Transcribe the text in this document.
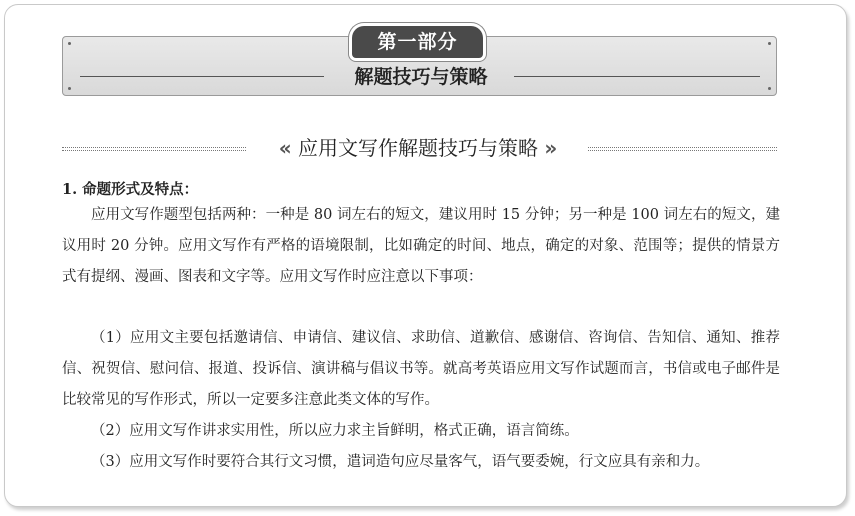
解题技巧与策略
第一部分
« 应用文写作解题技巧与策略 »
1. 命题形式及特点：

应用文写作题型包括两种：一种是 80 词左右的短文，建议用时 15 分钟；另一种是 100 词左右的短文，建议用时 20 分钟。应用文写作有严格的语境限制，比如确定的时间、地点，确定的对象、范围等；提供的情景方式有提纲、漫画、图表和文字等。应用文写作时应注意以下事项：

（1）应用文主要包括邀请信、申请信、建议信、求助信、道歉信、感谢信、咨询信、告知信、通知、推荐信、祝贺信、慰问信、报道、投诉信、演讲稿与倡议书等。就高考英语应用文写作试题而言，书信或电子邮件是比较常见的写作形式，所以一定要多注意此类文体的写作。

（2）应用文写作讲求实用性，所以应力求主旨鲜明，格式正确，语言简练。

（3）应用文写作时要符合其行文习惯，遣词造句应尽量客气，语气要委婉，行文应具有亲和力。
